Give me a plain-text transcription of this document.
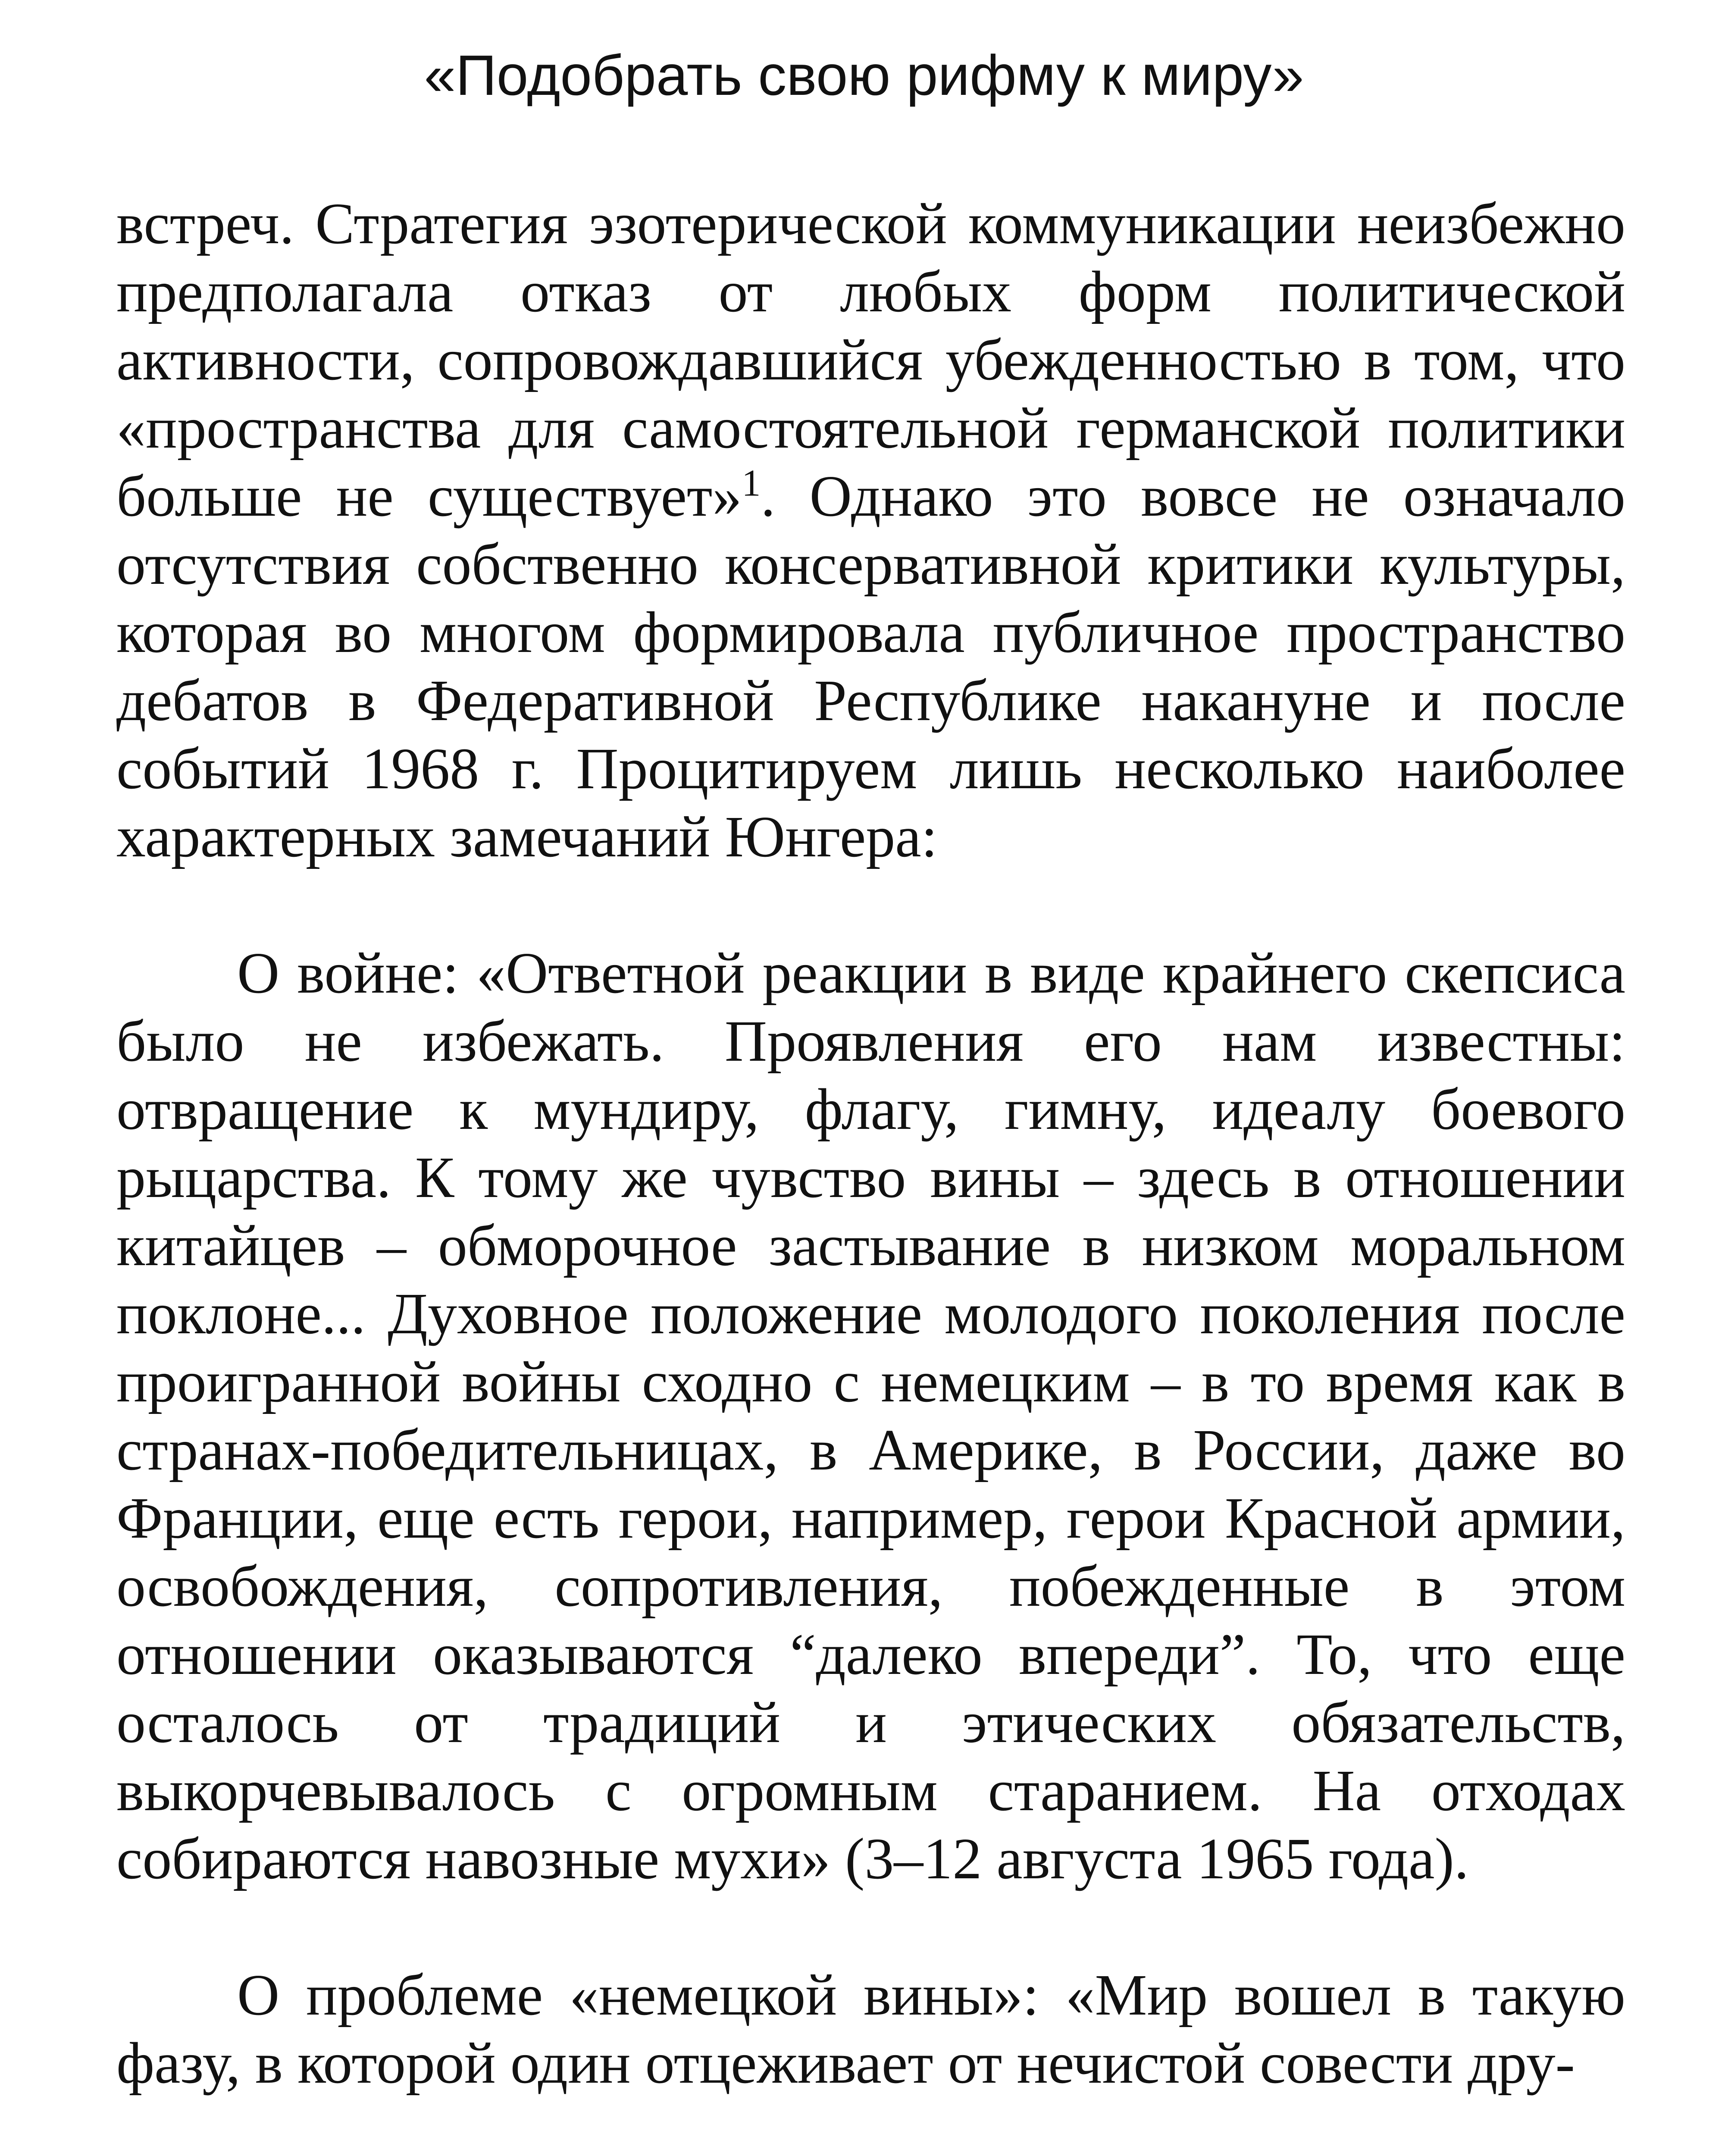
«Подобрать свою рифму к миру»

встреч. Стратегия эзотерической коммуникации неизбежно предполагала отказ от любых форм политической активности, сопровождавшийся убежденностью в том, что «пространства для самостоятельной германской политики больше не существует»$^1$. Однако это вовсе не означало отсутствия собственно консервативной критики культуры, которая во многом формировала публичное пространство дебатов в Федеративной Республике накануне и после событий 1968 г. Процитируем лишь несколько наиболее характерных замечаний Юнгера:

О войне: «Ответной реакции в виде крайнего скепсиса было не избежать. Проявления его нам известны: отвращение к мундиру, флагу, гимну, идеалу боевого рыцарства. К тому же чувство вины – здесь в отношении китайцев – обморочное застывание в низком моральном поклоне... Духовное положение молодого поколения после проигранной войны сходно с немецким – в то время как в странах-победительницах, в Америке, в России, даже во Франции, еще есть герои, например, герои Красной армии, освобождения, сопротивления, побежденные в этом отношении оказываются “далеко впереди”. То, что еще осталось от традиций и этических обязательств, выкорчевывалось с огромным старанием. На отходах собираются навозные мухи» (3–12 августа 1965 года).

О проблеме «немецкой вины»: «Мир вошел в такую фазу, в которой один отцеживает от нечистой совести дру-
